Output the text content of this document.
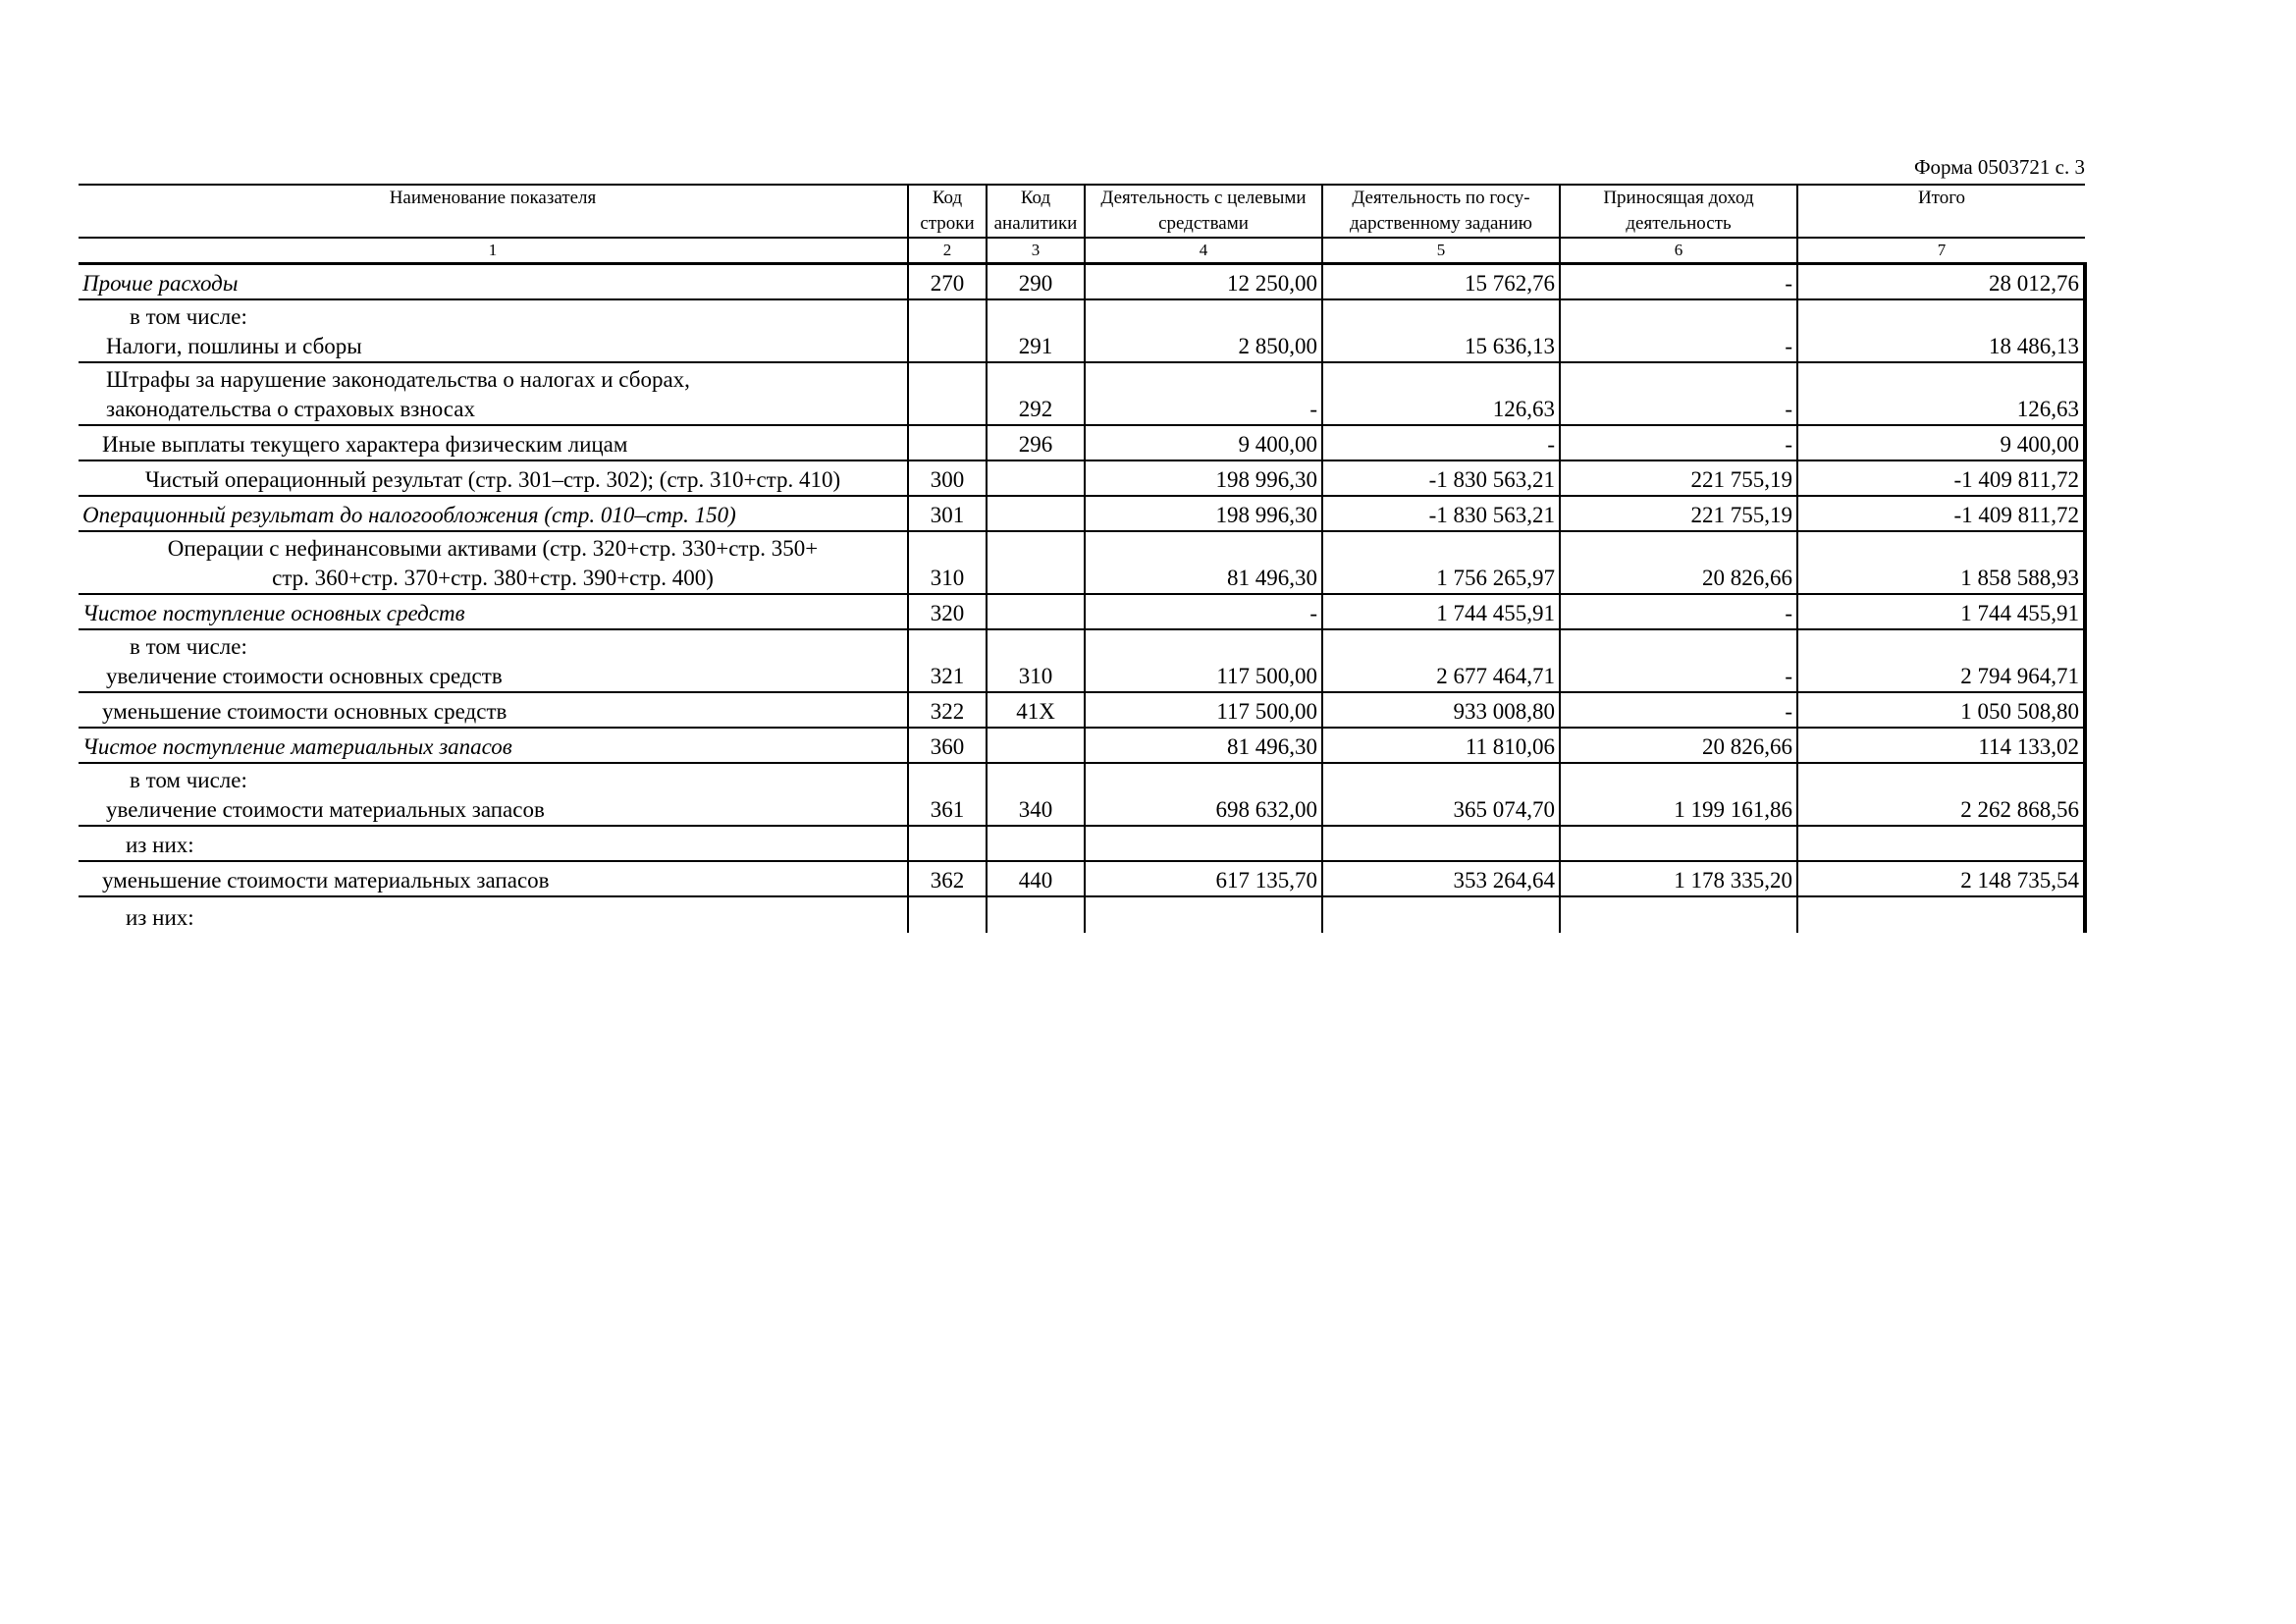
Форма 0503721 с. 3
Наименование показателя	Код строки	Код аналитики	Деятельность с целевыми средствами	Деятельность по госу-дарственному заданию	Приносящая доход деятельность	Итого
1	2	3	4	5	6	7
Прочие расходы	270	290	12 250,00	15 762,76	-	28 012,76

в том числе:
Налоги, пошлины и сборы		291	2 850,00	15 636,13	-	18 486,13

Штрафы за нарушение законодательства о налогах и сборах,
законодательства о страховых взносах		292	-	126,63	-	126,63
Иные выплаты текущего характера физическим лицам		296	9 400,00	-	-	9 400,00
Чистый операционный результат (стр. 301–стр. 302); (стр. 310+стр. 410)	300		198 996,30	-1 830 563,21	221 755,19	-1 409 811,72
Операционный результат до налогообложения (стр. 010–стр. 150)	301		198 996,30	-1 830 563,21	221 755,19	-1 409 811,72

Операции с нефинансовыми активами (стр. 320+стр. 330+стр. 350+
стр. 360+стр. 370+стр. 380+стр. 390+стр. 400)	310		81 496,30	1 756 265,97	20 826,66	1 858 588,93
Чистое поступление основных средств	320		-	1 744 455,91	-	1 744 455,91

в том числе:
увеличение стоимости основных средств	321	310	117 500,00	2 677 464,71	-	2 794 964,71
уменьшение стоимости основных средств	322	41X	117 500,00	933 008,80	-	1 050 508,80
Чистое поступление материальных запасов	360		81 496,30	11 810,06	20 826,66	114 133,02

в том числе:
увеличение стоимости материальных запасов	361	340	698 632,00	365 074,70	1 199 161,86	2 262 868,56
из них:						
уменьшение стоимости материальных запасов	362	440	617 135,70	353 264,64	1 178 335,20	2 148 735,54
из них:						
